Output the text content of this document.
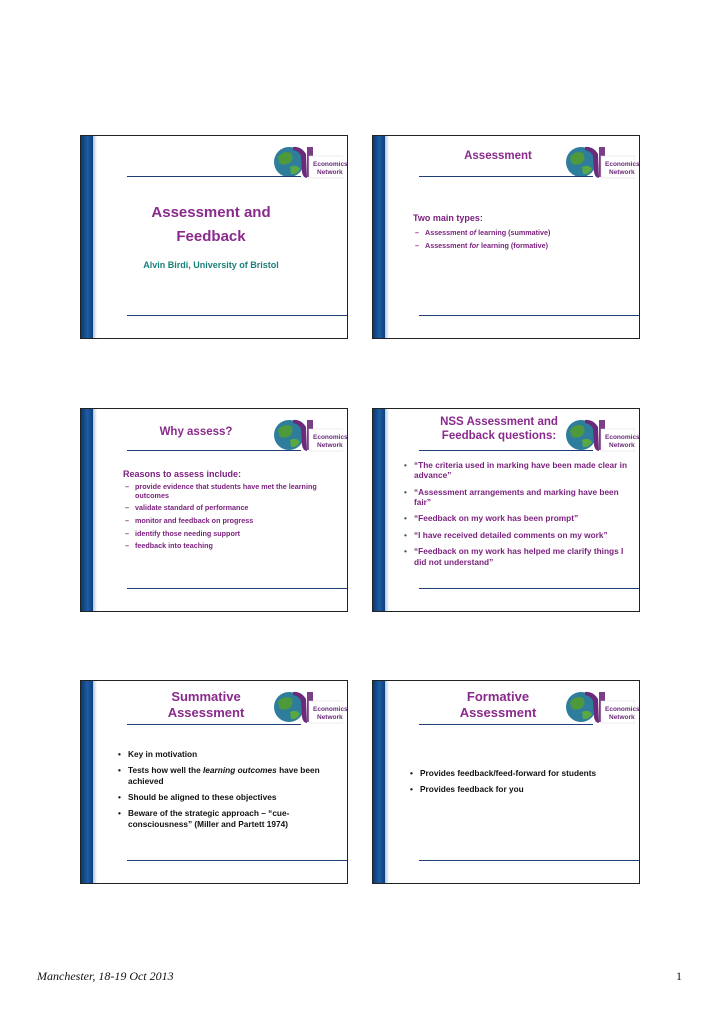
Economics
Network
Assessment and
Feedback
Alvin Birdi, University of Bristol
Economics
Network
Assessment
Two main types:
– Assessment of learning (summative)
– Assessment for learning (formative)
Economics
Network
Why assess?
Reasons to assess include:
– provide evidence that students have met the learning outcomes
– validate standard of performance
– monitor and feedback on progress
– identify those needing support
– feedback into teaching
Economics
Network
NSS Assessment and
Feedback questions:
• “The criteria used in marking have been made clear in advance”
• “Assessment arrangements and marking have been fair”
• “Feedback on my work has been prompt”
• “I have received detailed comments on my work”
• “Feedback on my work has helped me clarify things I did not understand”
Economics
Network
Summative
Assessment
• Key in motivation
• Tests how well the learning outcomes have been achieved
• Should be aligned to these objectives
• Beware of the strategic approach – “cue-consciousness” (Miller and Partett 1974)
Economics
Network
Formative
Assessment
• Provides feedback/feed-forward for students
• Provides feedback for you
Manchester, 18-19 Oct 2013	1
